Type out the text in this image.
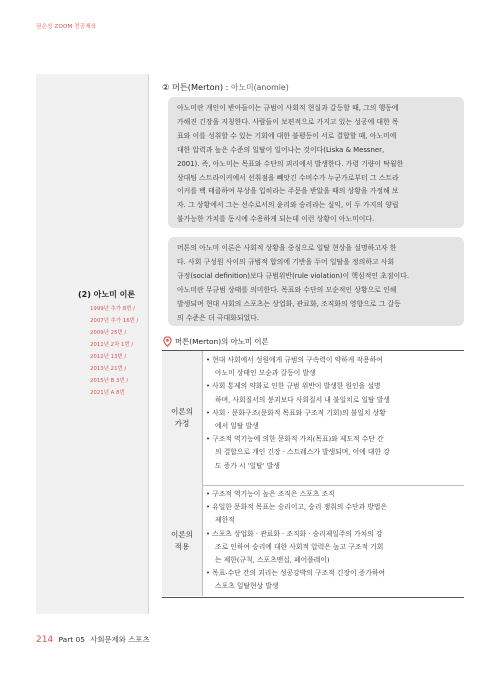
권은성 ZOOM 전공체육
(2) 아노미 이론
1999년 추가 8번 /
2007년 추가 16번 /
2009년 25번 /
2011년 2차 1번 /
2012년 13번 /
2013년 21번 /
2015년 B 3번 /
2021년 A 8번
② 머튼(Merton) : 아노미(anomie)
아노미란 개인이 받아들이는 규범이 사회적 현실과 갈등할 때, 그의 행동에
가해진 긴장을 지칭한다. 사람들이 보편적으로 가지고 있는 성공에 대한 목
표와 이를 성취할 수 있는 기회에 대한 불평등이 서로 결합할 때, 아노미에
대한 압력과 높은 수준의 일탈이 일어나는 것이다(Liska & Messner,
2001). 즉, 아노미는 목표와 수단의 괴리에서 발생한다. 가령 기량이 탁월한
상대팀 스트라이커에서 선취점을 빼앗긴 수비수가 누군가로부터 그 스트라
이커를 백 태클하여 부상을 입히라는 주문을 받았을 때의 상황을 가정해 보
자. 그 상황에서 그는 선수로서의 윤리와 승리라는 실익, 이 두 가지의 양립
불가능한 가치를 동시에 수용하게 되는데 이런 상황이 아노미이다.
머튼의 아노미 이론은 사회적 상황을 중심으로 일탈 현상을 설명하고자 한
다. 사회 구성원 사이의 규범적 합의에 기반을 두어 일탈을 정의하고 사회
규정(social definition)보다 규범위반(rule violation)이 핵심적인 초점이다.
아노미란 무규범 상태를 의미한다. 목표와 수단의 모순적인 상황으로 인해
발생되며 현대 사회의 스포츠는 상업화, 관료화, 조직화의 영향으로 그 갈등
의 수준은 더 극대화되었다.
머튼(Merton)의 아노미 이론
이론의
가정
• 현대 사회에서 성원에게 규범의 구속력이 약하게 작용하여
아노미 상태인 모순과 갈등이 발생
• 사회 통제의 약화로 인한 규범 위반이 발생한 원인을 설명
하며, 사회질서의 붕괴보다 사회질서 내 불일치로 일탈 발생
• 사회 · 문화구조(문화적 목표와 구조적 기회)의 불일치 상황
에서 일탈 발생
• 구조적 역기능에 의한 문화적 가치(목표)와 제도적 수단 간
의 결합으로 개인 긴장 · 스트레스가 발생되며, 이에 대한 강
도 증가 시 '일탈' 발생
이론의
적용
• 구조적 역기능이 높은 조직은 스포츠 조직
• 유일한 문화적 목표는 승리이고, 승리 쟁취의 수단과 방법은
제한적
• 스포츠 상업화 · 관료화 · 조직화 · 승리제일주의 가치의 강
조로 인하여 승리에 대한 사회적 압력은 높고 구조적 기회
는 제한(규칙, 스포츠맨십, 페어플레이)
• 목표-수단 간의 괴리는 성공강박의 구조적 긴장이 증가하여
스포츠 일탈현상 발생
214 Part 05 사회문제와 스포츠
